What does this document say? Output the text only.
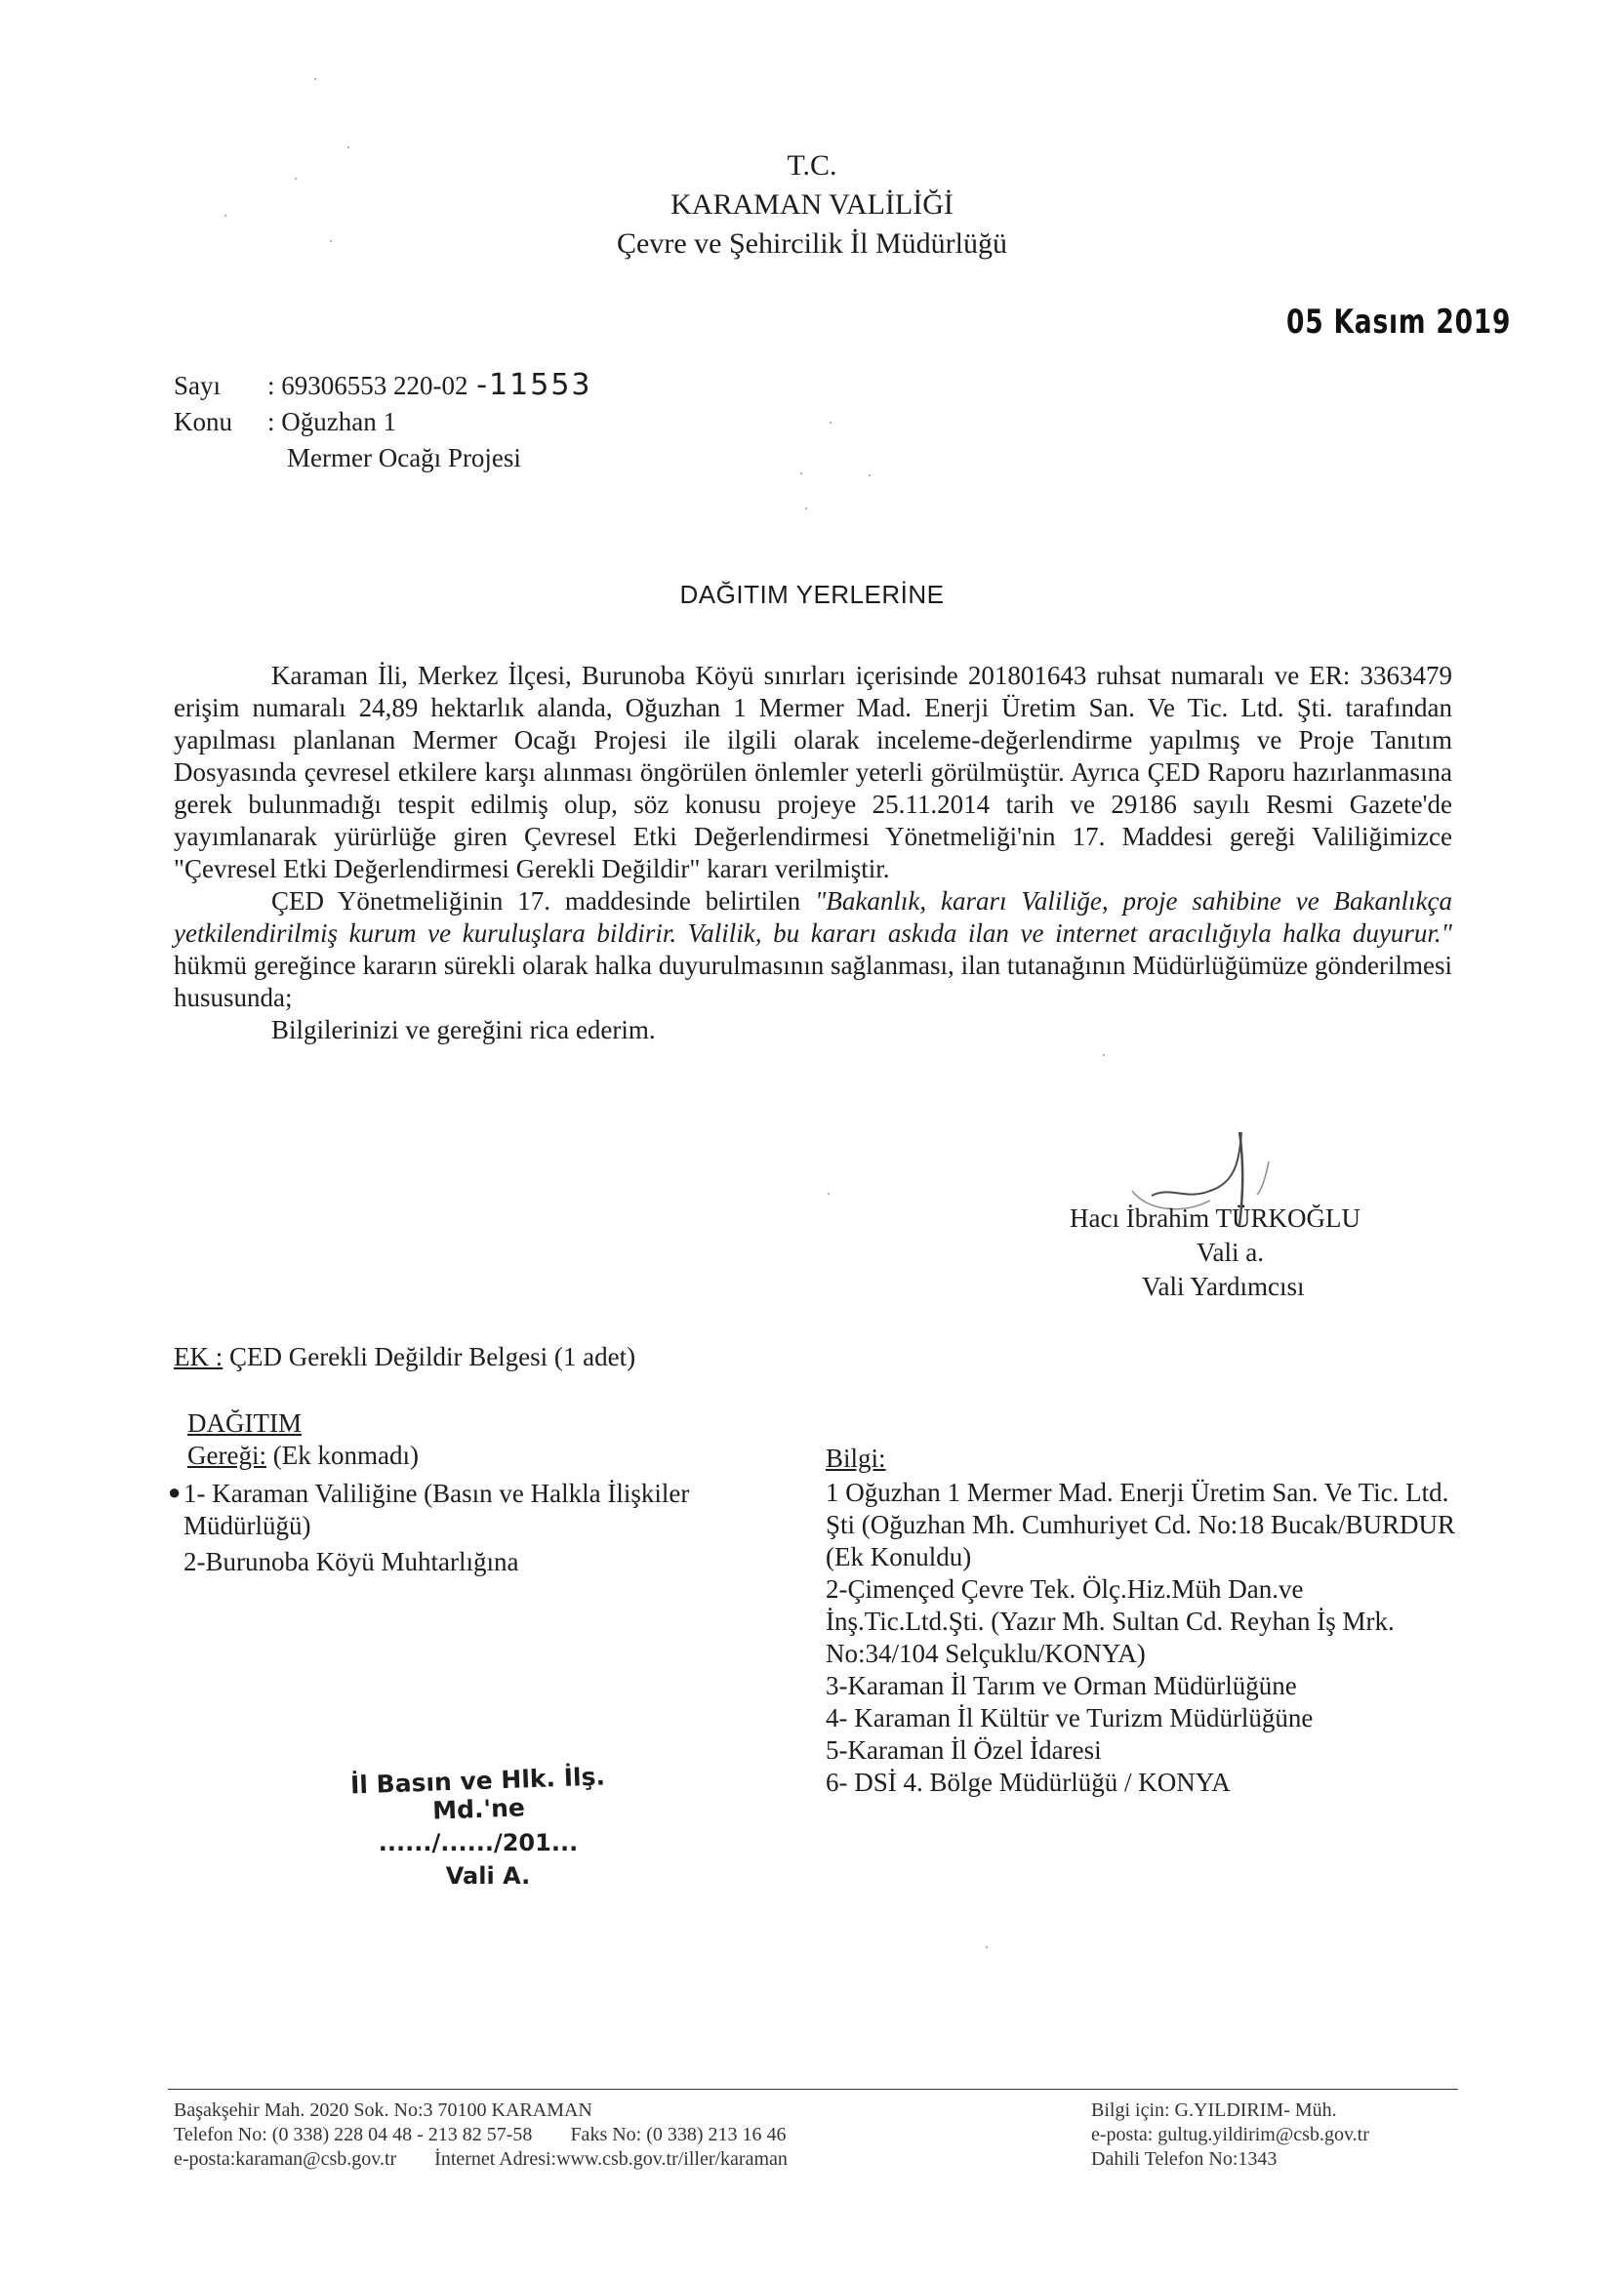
T.C.
KARAMAN VALİLİĞİ
Çevre ve Şehircilik İl Müdürlüğü
05 Kasım 2019
Sayı : 69306553 220-02 -11553
Konu : Oğuzhan 1
Mermer Ocağı Projesi
DAĞITIM YERLERİNE

Karaman İli, Merkez İlçesi, Burunoba Köyü sınırları içerisinde 201801643 ruhsat numaralı ve ER: 3363479 erişim numaralı 24,89 hektarlık alanda, Oğuzhan 1 Mermer Mad. Enerji Üretim San. Ve Tic. Ltd. Şti. tarafından yapılması planlanan Mermer Ocağı Projesi ile ilgili olarak inceleme-değerlendirme yapılmış ve Proje Tanıtım Dosyasında çevresel etkilere karşı alınması öngörülen önlemler yeterli görülmüştür. Ayrıca ÇED Raporu hazırlanmasına gerek bulunmadığı tespit edilmiş olup, söz konusu projeye 25.11.2014 tarih ve 29186 sayılı Resmi Gazete'de yayımlanarak yürürlüğe giren Çevresel Etki Değerlendirmesi Yönetmeliği'nin 17. Maddesi gereği Valiliğimizce "Çevresel Etki Değerlendirmesi Gerekli Değildir" kararı verilmiştir.

ÇED Yönetmeliğinin 17. maddesinde belirtilen "Bakanlık, kararı Valiliğe, proje sahibine ve Bakanlıkça yetkilendirilmiş kurum ve kuruluşlara bildirir. Valilik, bu kararı askıda ilan ve internet aracılığıyla halka duyurur." hükmü gereğince kararın sürekli olarak halka duyurulmasının sağlanması, ilan tutanağının Müdürlüğümüze gönderilmesi hususunda;

Bilgilerinizi ve gereğini rica ederim.

Hacı İbrahim TÜRKOĞLU
Vali a.
Vali Yardımcısı
EK : ÇED Gerekli Değildir Belgesi (1 adet)
DAĞITIM
Gereği: (Ek konmadı)
● 1- Karaman Valiliğine (Basın ve Halkla İlişkiler Müdürlüğü)
2-Burunoba Köyü Muhtarlığına
Bilgi:
1 Oğuzhan 1 Mermer Mad. Enerji Üretim San. Ve Tic. Ltd. Şti (Oğuzhan Mh. Cumhuriyet Cd. No:18 Bucak/BURDUR (Ek Konuldu)
2-Çimençed Çevre Tek. Ölç.Hiz.Müh Dan.ve İnş.Tic.Ltd.Şti. (Yazır Mh. Sultan Cd. Reyhan İş Mrk. No:34/104 Selçuklu/KONYA)
3-Karaman İl Tarım ve Orman Müdürlüğüne
4- Karaman İl Kültür ve Turizm Müdürlüğüne
5-Karaman İl Özel İdaresi
6- DSİ 4. Bölge Müdürlüğü / KONYA
İl Basın ve Hlk. İlş. Md.'ne
....../....../201...
Vali A.
Başakşehir Mah. 2020 Sok. No:3 70100 KARAMAN
Telefon No: (0 338) 228 04 48 - 213 82 57-58 Faks No: (0 338) 213 16 46
e-posta:karaman@csb.gov.tr İnternet Adresi:www.csb.gov.tr/iller/karaman
Bilgi için: G.YILDIRIM- Müh.
e-posta: gultug.yildirim@csb.gov.tr
Dahili Telefon No:1343
